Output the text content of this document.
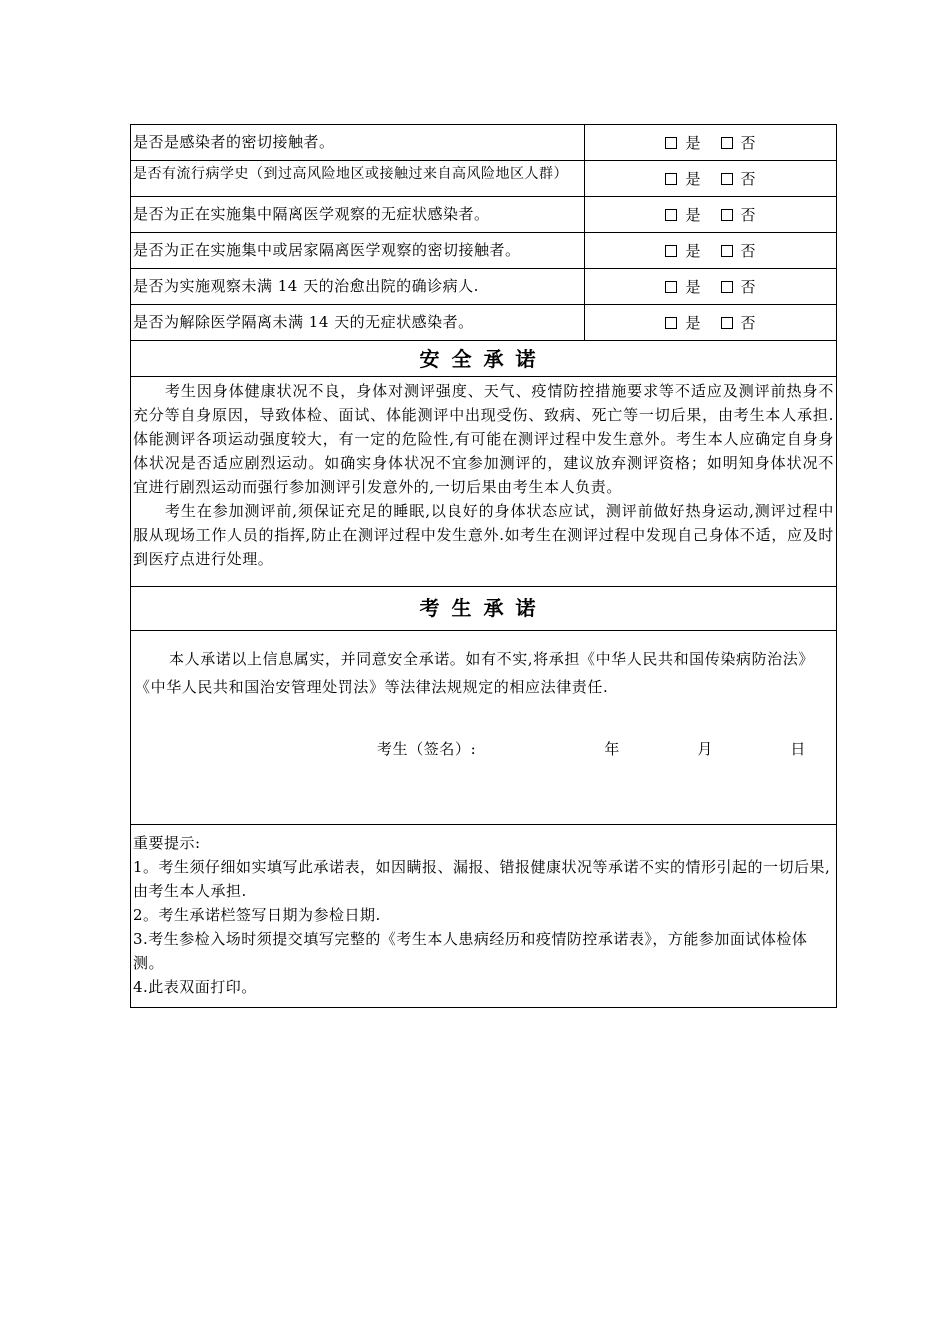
是否是感染者的密切接触者。	是	否
是否有流行病学史（到过高风险地区或接触过来自高风险地区人群）	是	否
是否为正在实施集中隔离医学观察的无症状感染者。	是	否
是否为正在实施集中或居家隔离医学观察的密切接触者。	是	否
是否为实施观察未满 14 天的治愈出院的确诊病人.	是	否
是否为解除医学隔离未满 14 天的无症状感染者。	是	否
安全承诺

考生因身体健康状况不良，身体对测评强度、天气、疫情防控措施要求等不适应及测评前热身不充分等自身原因，导致体检、面试、体能测评中出现受伤、致病、死亡等一切后果，由考生本人承担.体能测评各项运动强度较大，有一定的危险性,有可能在测评过程中发生意外。考生本人应确定自身身体状况是否适应剧烈运动。如确实身体状况不宜参加测评的，建议放弃测评资格；如明知身体状况不宜进行剧烈运动而强行参加测评引发意外的,一切后果由考生本人负责。

考生在参加测评前,须保证充足的睡眠,以良好的身体状态应试，测评前做好热身运动,测评过程中服从现场工作人员的指挥,防止在测评过程中发生意外.如考生在测评过程中发现自己身体不适，应及时到医疗点进行处理。

考生承诺

本人承诺以上信息属实，并同意安全承诺。如有不实,将承担《中华人民共和国传染病防治法》《中华人民共和国治安管理处罚法》等法律法规规定的相应法律责任.

考生（签名）:	年	月	日
重要提示:
1。考生须仔细如实填写此承诺表，如因瞒报、漏报、错报健康状况等承诺不实的情形引起的一切后果,由考生本人承担.
2。考生承诺栏签写日期为参检日期.
3.考生参检入场时须提交填写完整的《考生本人患病经历和疫情防控承诺表》，方能参加面试体检体测。
4.此表双面打印。
